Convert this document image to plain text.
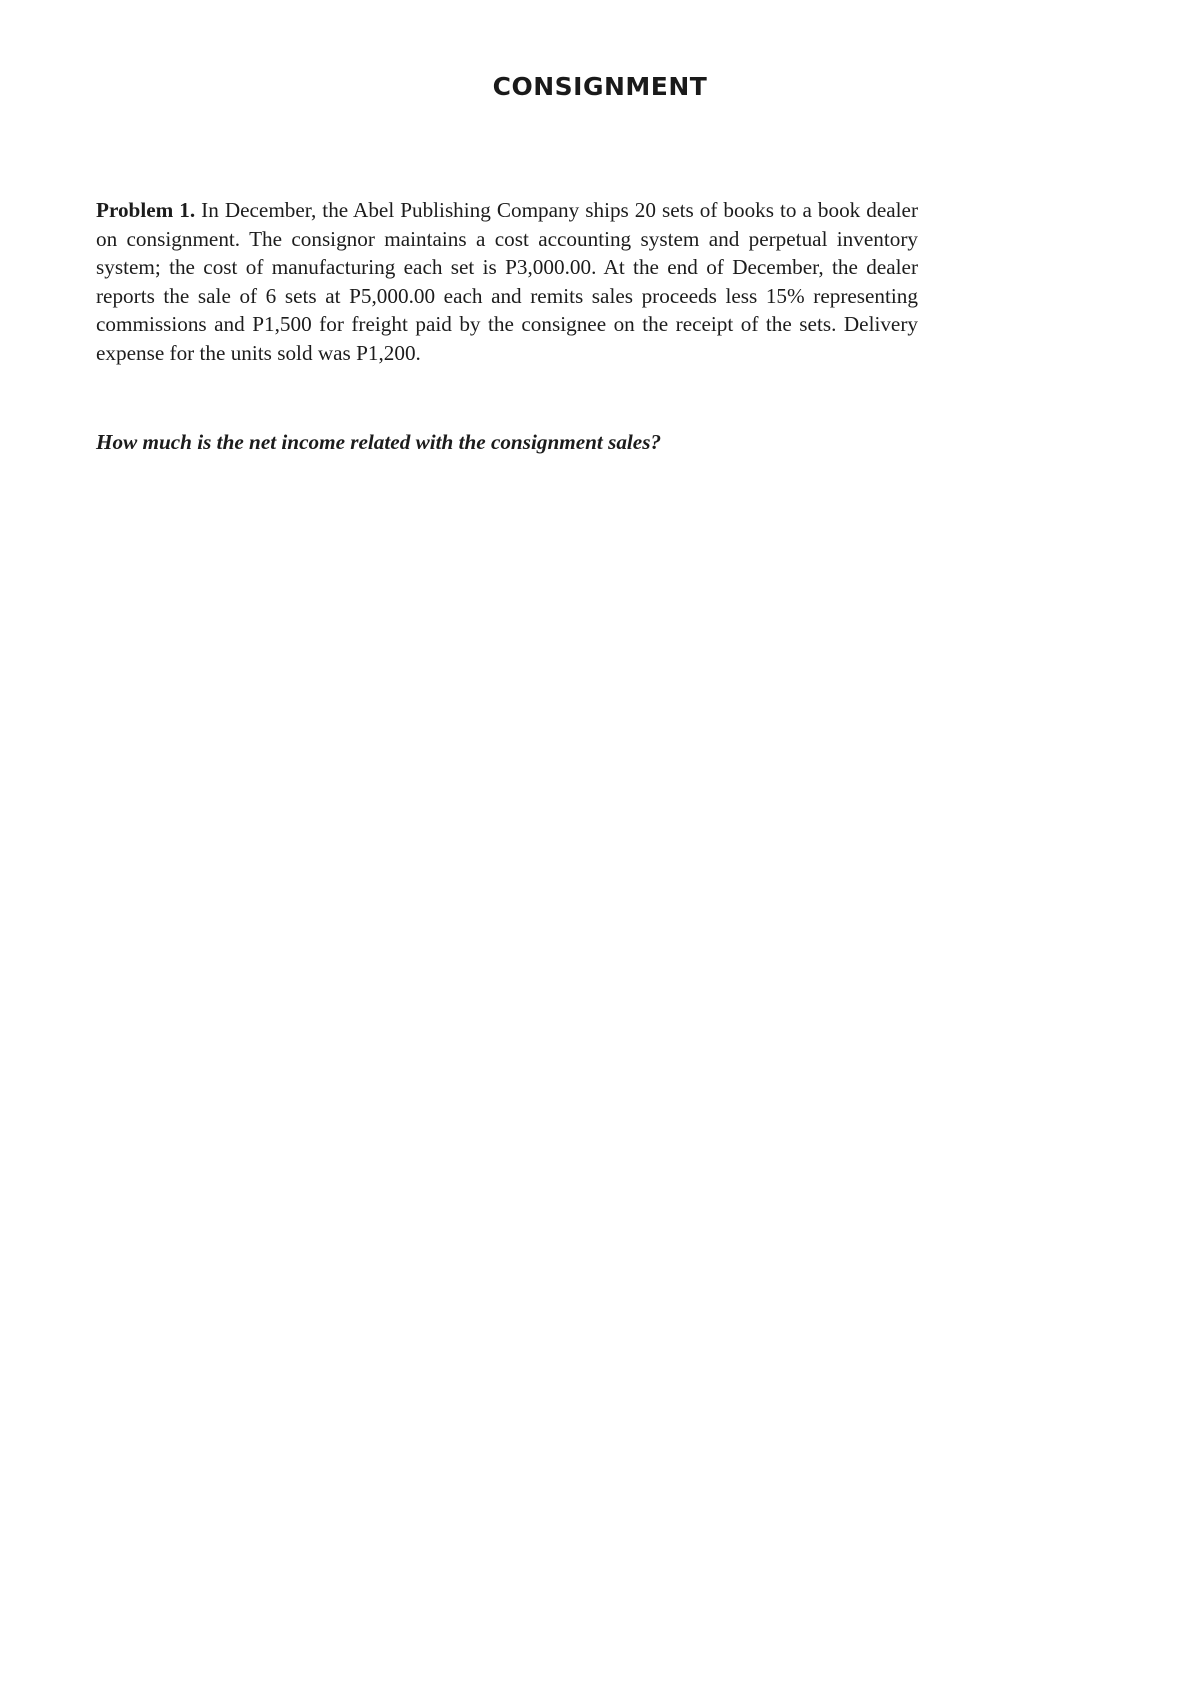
CONSIGNMENT

Problem 1. In December, the Abel Publishing Company ships 20 sets of books to a book dealer on consignment. The consignor maintains a cost accounting system and perpetual inventory system; the cost of manufacturing each set is P3,000.00. At the end of December, the dealer reports the sale of 6 sets at P5,000.00 each and remits sales proceeds less 15% representing commissions and P1,500 for freight paid by the consignee on the receipt of the sets. Delivery expense for the units sold was P1,200.

How much is the net income related with the consignment sales?
